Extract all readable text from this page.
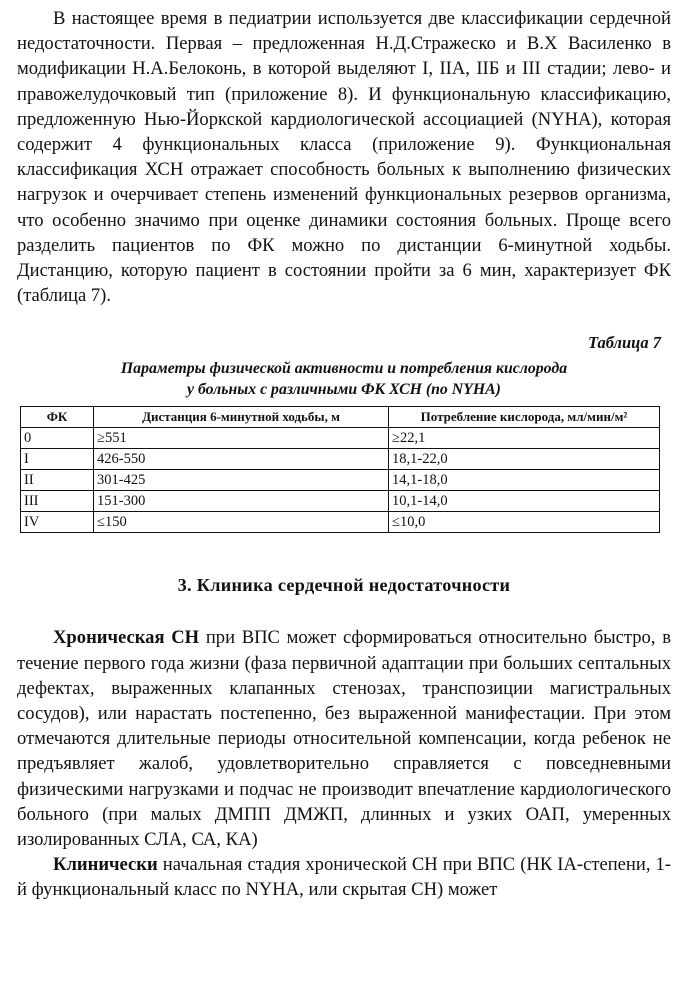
В настоящее время в педиатрии используется две классификации сердечной недостаточности. Первая – предложенная Н.Д.Стражеско и В.Х Василенко в модификации Н.А.Белоконь, в которой выделяют I, IIА, IIБ и III стадии; лево- и правожелудочковый тип (приложение 8). И функциональную классификацию, предложенную Нью-Йоркской кардиологической ассоциацией (NYHA), которая содержит 4 функциональных класса (приложение 9). Функциональная классификация ХСН отражает способность больных к выполнению физических нагрузок и очерчивает степень изменений функциональных резервов организма, что особенно значимо при оценке динамики состояния больных. Проще всего разделить пациентов по ФК можно по дистанции 6-минутной ходьбы. Дистанцию, которую пациент в состоянии пройти за 6 мин, характеризует ФК (таблица 7).

Таблица 7
Параметры физической активности и потребления кислорода
у больных с различными ФК ХСН (по NYHA)
ФК	Дистанция 6-минутной ходьбы, м	Потребление кислорода, мл/мин/м²
0	≥551	≥22,1
I	426-550	18,1-22,0
II	301-425	14,1-18,0
III	151-300	10,1-14,0
IV	≤150	≤10,0
3. Клиника сердечной недостаточности

Хроническая СН при ВПС может сформироваться относительно быстро, в течение первого года жизни (фаза первичной адаптации при больших септальных дефектах, выраженных клапанных стенозах, транспозиции магистральных сосудов), или нарастать постепенно, без выраженной манифестации. При этом отмечаются длительные периоды относительной компенсации, когда ребенок не предъявляет жалоб, удовлетворительно справляется с повседневными физическими нагрузками и подчас не производит впечатление кардиологического больного (при малых ДМПП ДМЖП, длинных и узких ОАП, умеренных изолированных СЛА, СА, КА)

Клинически начальная стадия хронической СН при ВПС (НК IА-степени, 1-й функциональный класс по NYHA, или скрытая СН) может
